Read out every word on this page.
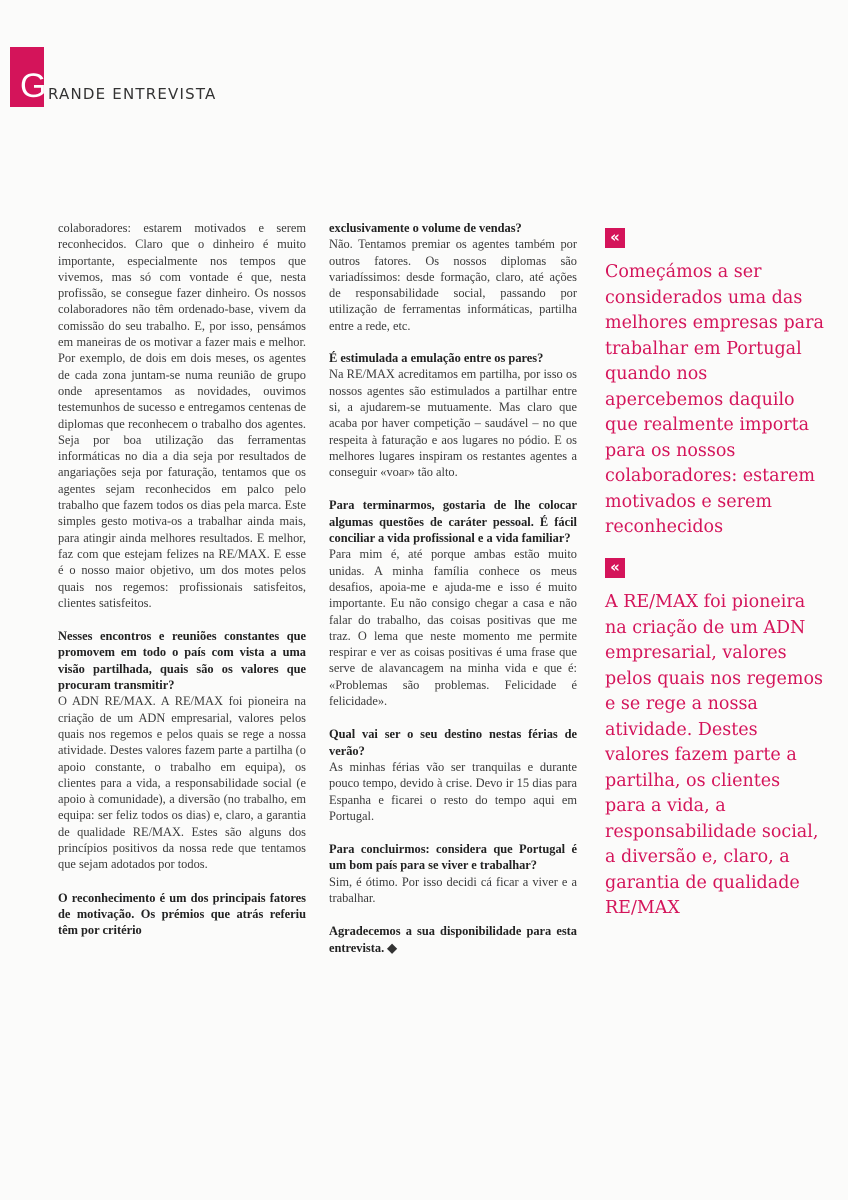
G RANDE ENTREVISTA

colaboradores: estarem motivados e serem reconhecidos. Claro que o dinheiro é muito importante, especialmente nos tempos que vivemos, mas só com vontade é que, nesta profissão, se consegue fazer dinheiro. Os nossos colaboradores não têm ordenado-base, vivem da comissão do seu trabalho. E, por isso, pensámos em maneiras de os motivar a fazer mais e melhor. Por exemplo, de dois em dois meses, os agentes de cada zona juntam-se numa reunião de grupo onde apresentamos as novidades, ouvimos testemunhos de sucesso e entregamos centenas de diplomas que reconhecem o trabalho dos agentes. Seja por boa utilização das ferramentas informáticas no dia a dia seja por resultados de angariações seja por faturação, tentamos que os agentes sejam reconhecidos em palco pelo trabalho que fazem todos os dias pela marca. Este simples gesto motiva-os a trabalhar ainda mais, para atingir ainda melhores resultados. E melhor, faz com que estejam felizes na RE/MAX. E esse é o nosso maior objetivo, um dos motes pelos quais nos regemos: profissionais satisfeitos, clientes satisfeitos.

Nesses encontros e reuniões constantes que promovem em todo o país com vista a uma visão partilhada, quais são os valores que procuram transmitir?

O ADN RE/MAX. A RE/MAX foi pioneira na criação de um ADN empresarial, valores pelos quais nos regemos e pelos quais se rege a nossa atividade. Destes valores fazem parte a partilha (o apoio constante, o trabalho em equipa), os clientes para a vida, a responsabilidade social (e apoio à comunidade), a diversão (no trabalho, em equipa: ser feliz todos os dias) e, claro, a garantia de qualidade RE/MAX. Estes são alguns dos princípios positivos da nossa rede que tentamos que sejam adotados por todos.

O reconhecimento é um dos principais fatores de motivação. Os prémios que atrás referiu têm por critério

exclusivamente o volume de vendas?

Não. Tentamos premiar os agentes também por outros fatores. Os nossos diplomas são variadíssimos: desde formação, claro, até ações de responsabilidade social, passando por utilização de ferramentas informáticas, partilha entre a rede, etc.

É estimulada a emulação entre os pares?

Na RE/MAX acreditamos em partilha, por isso os nossos agentes são estimulados a partilhar entre si, a ajudarem-se mutuamente. Mas claro que acaba por haver competição – saudável – no que respeita à faturação e aos lugares no pódio. E os melhores lugares inspiram os restantes agentes a conseguir «voar» tão alto.

Para terminarmos, gostaria de lhe colocar algumas questões de caráter pessoal. É fácil conciliar a vida profissional e a vida familiar?

Para mim é, até porque ambas estão muito unidas. A minha família conhece os meus desafios, apoia-me e ajuda-me e isso é muito importante. Eu não consigo chegar a casa e não falar do trabalho, das coisas positivas que me traz. O lema que neste momento me permite respirar e ver as coisas positivas é uma frase que serve de alavancagem na minha vida e que é: «Problemas são problemas. Felicidade é felicidade».

Qual vai ser o seu destino nestas férias de verão?

As minhas férias vão ser tranquilas e durante pouco tempo, devido à crise. Devo ir 15 dias para Espanha e ficarei o resto do tempo aqui em Portugal.

Para concluirmos: considera que Portugal é um bom país para se viver e trabalhar?

Sim, é ótimo. Por isso decidi cá ficar a viver e a trabalhar.

Agradecemos a sua disponibilidade para esta entrevista. ◆

«
Começámos a ser considerados uma das melhores empresas para trabalhar em Portugal quando nos apercebemos daquilo que realmente importa para os nossos colaboradores: estarem motivados e serem reconhecidos
«
A RE/MAX foi pioneira na criação de um ADN empresarial, valores pelos quais nos regemos e se rege a nossa atividade. Destes valores fazem parte a partilha, os clientes para a vida, a responsabilidade social, a diversão e, claro, a garantia de qualidade RE/MAX
